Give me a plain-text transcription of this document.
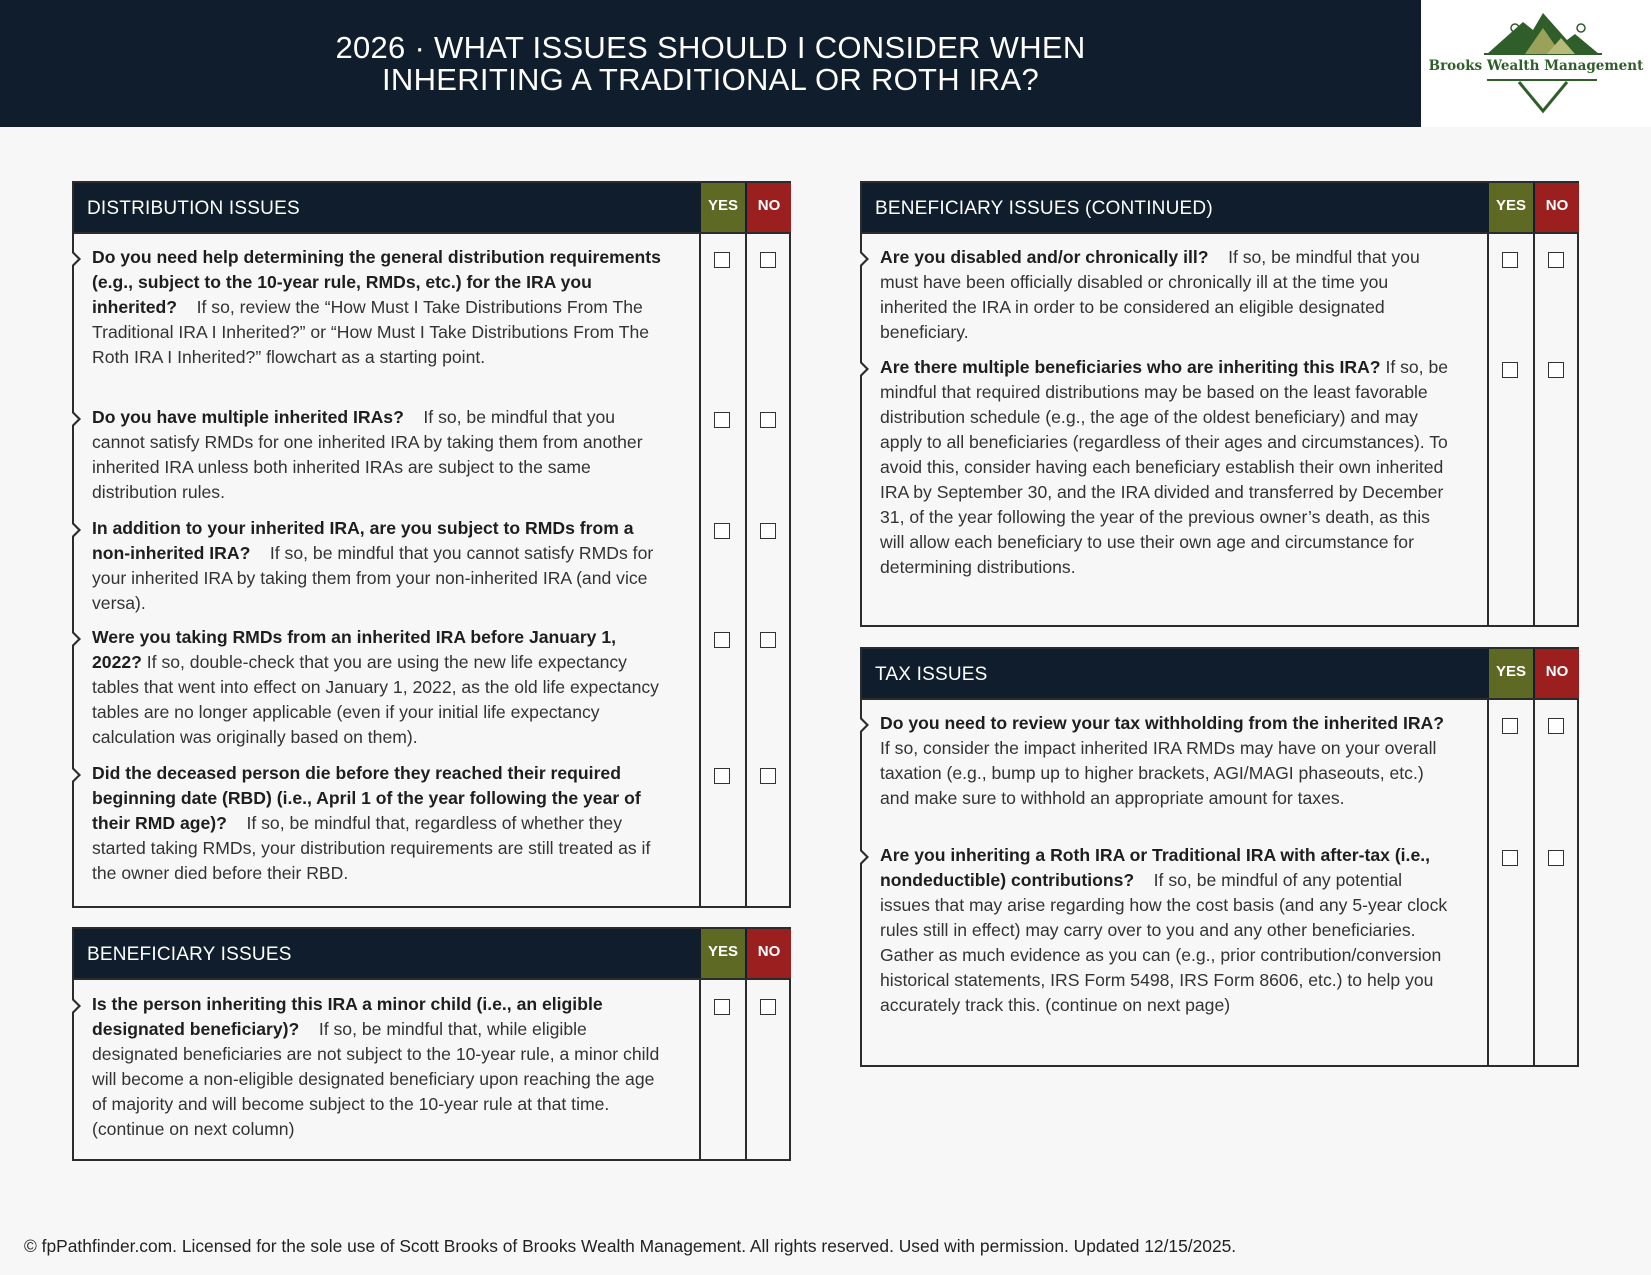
2026 · WHAT ISSUES SHOULD I CONSIDER WHEN
INHERITING A TRADITIONAL OR ROTH IRA?	Brooks Wealth Management
DISTRIBUTION ISSUES	YES	NO
Do you need help determining the general distribution requirements (e.g., subject to the 10-year rule, RMDs, etc.) for the IRA you inherited? If so, review the “How Must I Take Distributions From The Traditional IRA I Inherited?” or “How Must I Take Distributions From The Roth IRA I Inherited?” flowchart as a starting point.
Do you have multiple inherited IRAs? If so, be mindful that you cannot satisfy RMDs for one inherited IRA by taking them from another inherited IRA unless both inherited IRAs are subject to the same distribution rules.
In addition to your inherited IRA, are you subject to RMDs from a non-inherited IRA? If so, be mindful that you cannot satisfy RMDs for your inherited IRA by taking them from your non-inherited IRA (and vice versa).
Were you taking RMDs from an inherited IRA before January 1, 2022? If so, double-check that you are using the new life expectancy tables that went into effect on January 1, 2022, as the old life expectancy tables are no longer applicable (even if your initial life expectancy calculation was originally based on them).
Did the deceased person die before they reached their required beginning date (RBD) (i.e., April 1 of the year following the year of their RMD age)? If so, be mindful that, regardless of whether they started taking RMDs, your distribution requirements are still treated as if the owner died before their RBD.
BENEFICIARY ISSUES	YES	NO
Is the person inheriting this IRA a minor child (i.e., an eligible designated beneficiary)? If so, be mindful that, while eligible designated beneficiaries are not subject to the 10-year rule, a minor child will become a non-eligible designated beneficiary upon reaching the age of majority and will become subject to the 10-year rule at that time. (continue on next column)
BENEFICIARY ISSUES (CONTINUED)	YES	NO
Are you disabled and/or chronically ill? If so, be mindful that you must have been officially disabled or chronically ill at the time you inherited the IRA in order to be considered an eligible designated beneficiary.
Are there multiple beneficiaries who are inheriting this IRA? If so, be mindful that required distributions may be based on the least favorable distribution schedule (e.g., the age of the oldest beneficiary) and may apply to all beneficiaries (regardless of their ages and circumstances). To avoid this, consider having each beneficiary establish their own inherited IRA by September 30, and the IRA divided and transferred by December 31, of the year following the year of the previous owner’s death, as this will allow each beneficiary to use their own age and circumstance for determining distributions.
TAX ISSUES	YES	NO
Do you need to review your tax withholding from the inherited IRA? If so, consider the impact inherited IRA RMDs may have on your overall taxation (e.g., bump up to higher brackets, AGI/MAGI phaseouts, etc.) and make sure to withhold an appropriate amount for taxes.
Are you inheriting a Roth IRA or Traditional IRA with after-tax (i.e., nondeductible) contributions? If so, be mindful of any potential issues that may arise regarding how the cost basis (and any 5-year clock rules still in effect) may carry over to you and any other beneficiaries. Gather as much evidence as you can (e.g., prior contribution/conversion historical statements, IRS Form 5498, IRS Form 8606, etc.) to help you accurately track this. (continue on next page)
© fpPathfinder.com. Licensed for the sole use of Scott Brooks of Brooks Wealth Management. All rights reserved. Used with permission. Updated 12/15/2025.
